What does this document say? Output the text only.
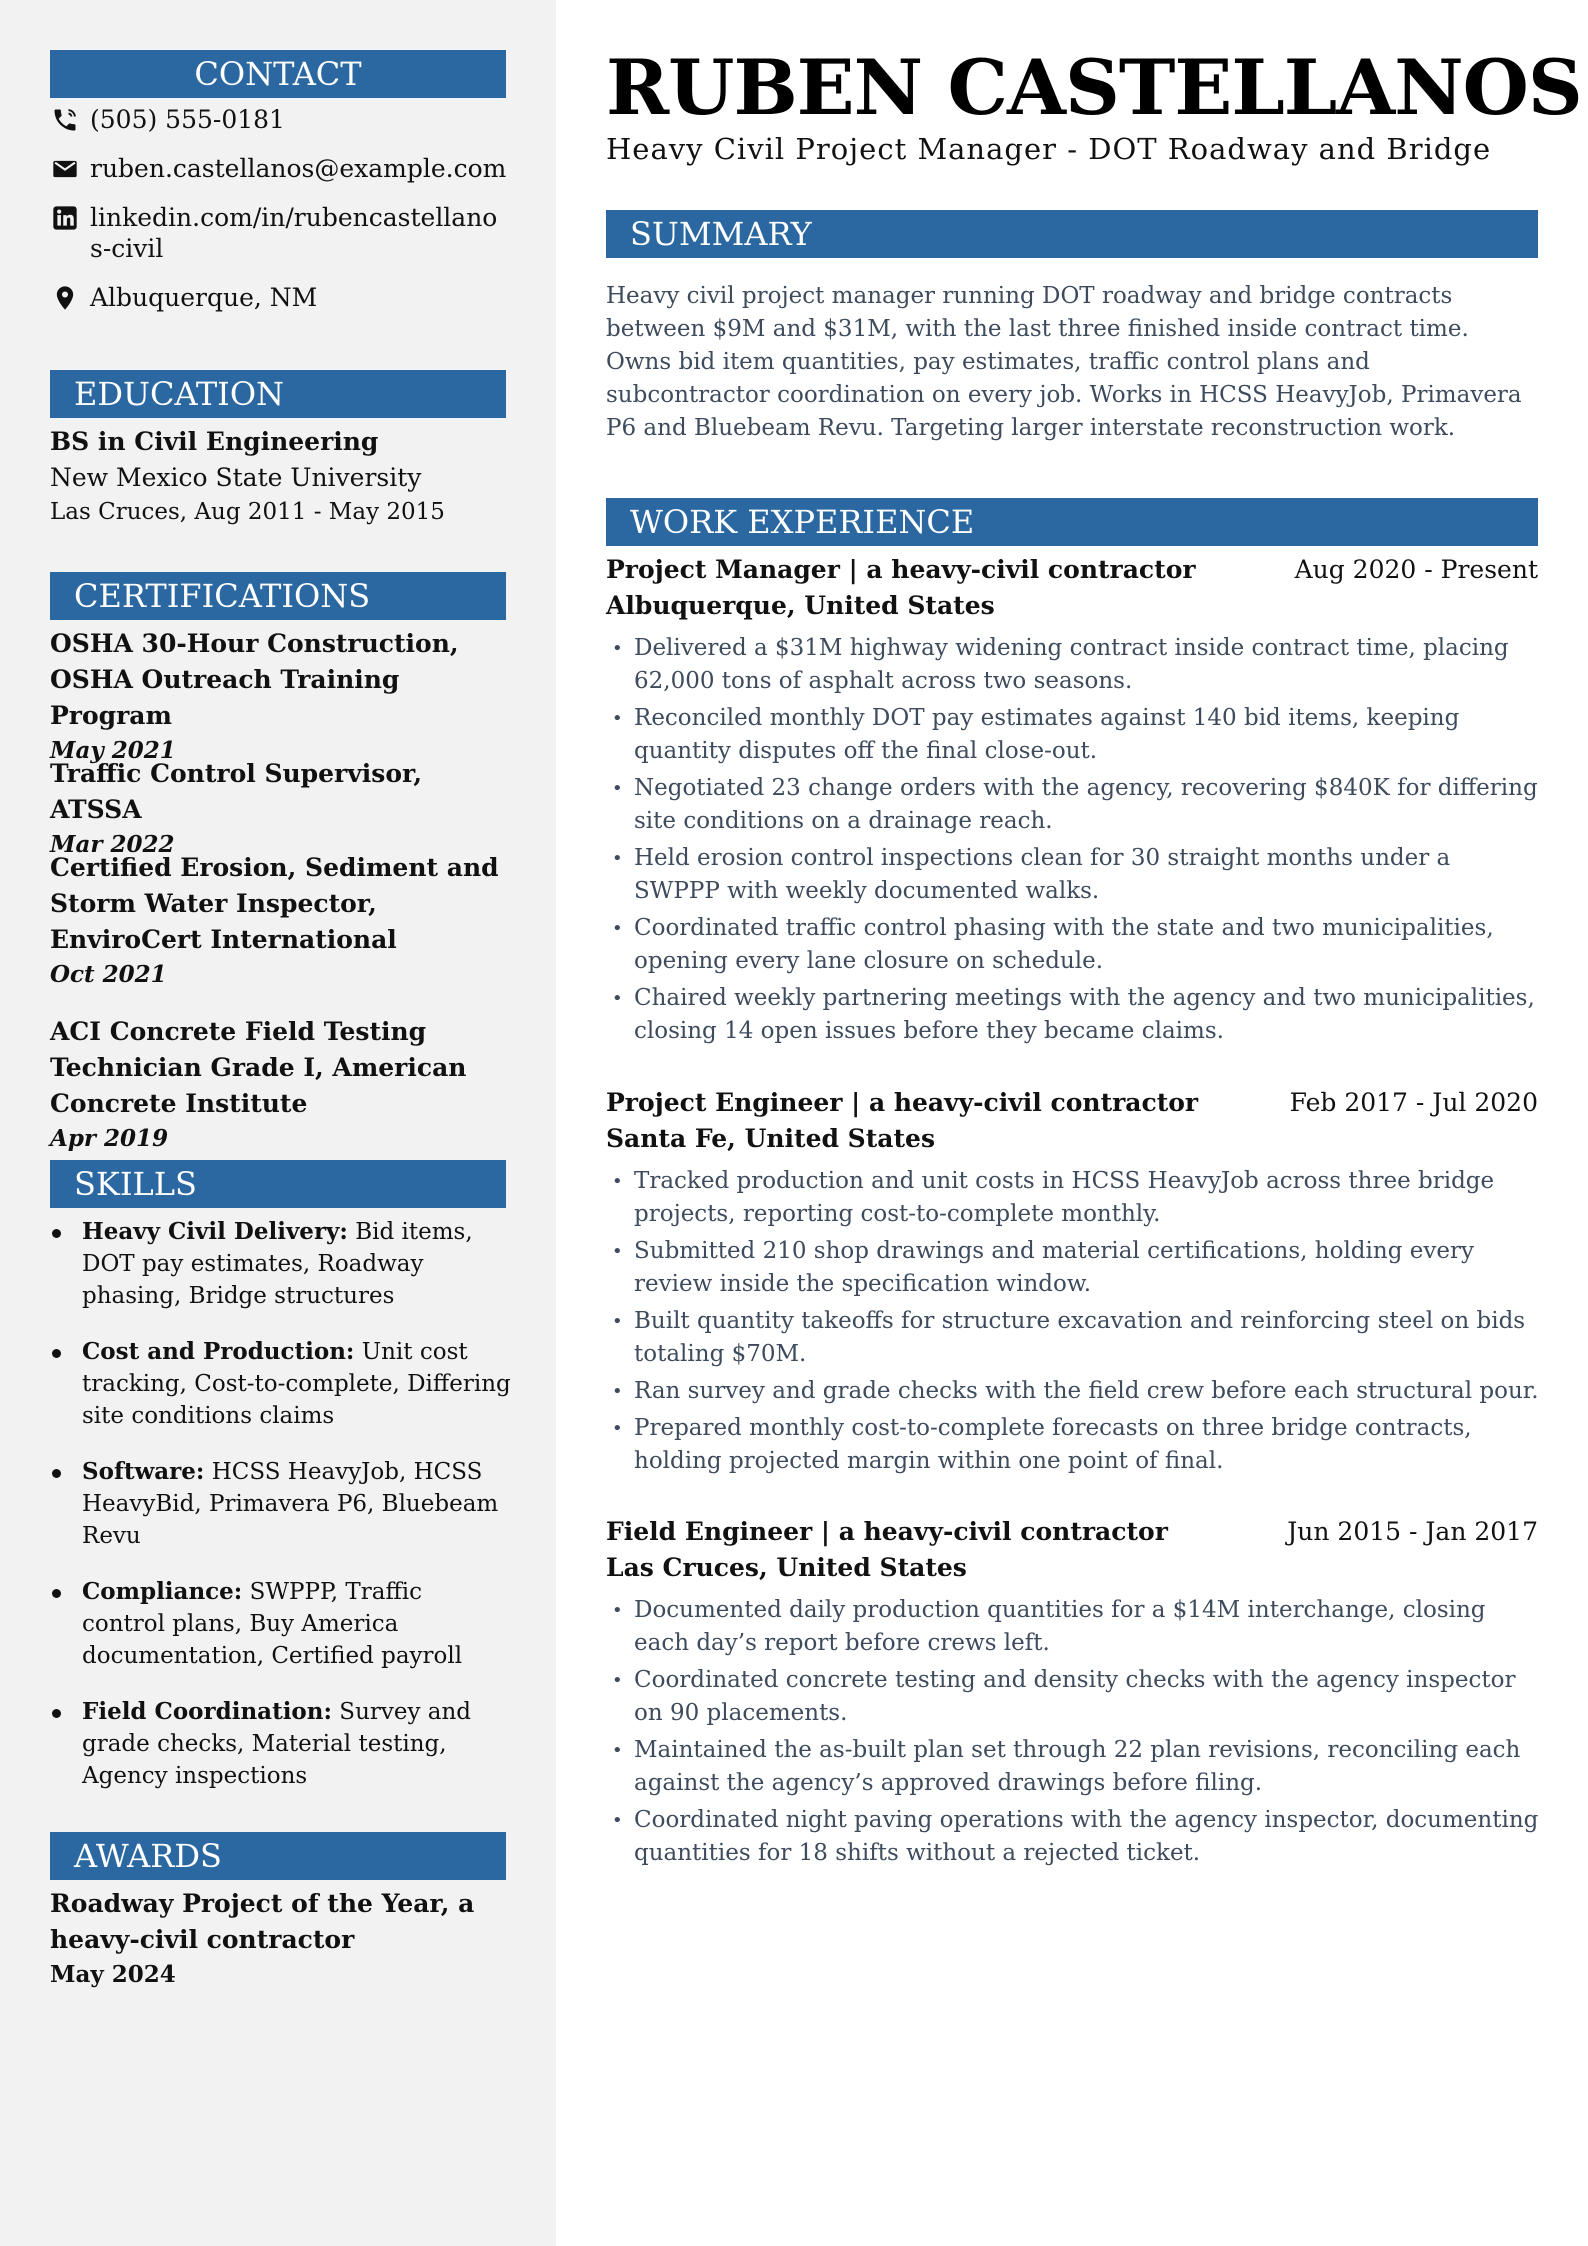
CONTACT
(505) 555-0181
ruben.castellanos@example.com
linkedin.com/in/rubencastellanos-civil
Albuquerque, NM
EDUCATION
BS in Civil Engineering
New Mexico State University
Las Cruces, Aug 2011 - May 2015
CERTIFICATIONS
OSHA 30-Hour Construction, OSHA Outreach Training Program
May 2021
Traffic Control Supervisor, ATSSA
Mar 2022
Certified Erosion, Sediment and Storm Water Inspector, EnviroCert International
Oct 2021
ACI Concrete Field Testing Technician Grade I, American Concrete Institute
Apr 2019
SKILLS
Heavy Civil Delivery: Bid items, DOT pay estimates, Roadway phasing, Bridge structures
Cost and Production: Unit cost tracking, Cost-to-complete, Differing site conditions claims
Software: HCSS HeavyJob, HCSS HeavyBid, Primavera P6, Bluebeam Revu
Compliance: SWPPP, Traffic control plans, Buy America documentation, Certified payroll
Field Coordination: Survey and grade checks, Material testing, Agency inspections
AWARDS
Roadway Project of the Year, a heavy-civil contractor
May 2024
RUBEN CASTELLANOS
Heavy Civil Project Manager - DOT Roadway and Bridge
SUMMARY
Heavy civil project manager running DOT roadway and bridge contracts between $9M and $31M, with the last three finished inside contract time. Owns bid item quantities, pay estimates, traffic control plans and subcontractor coordination on every job. Works in HCSS HeavyJob, Primavera P6 and Bluebeam Revu. Targeting larger interstate reconstruction work.
WORK EXPERIENCE
Project Manager | a heavy-civil contractor	Aug 2020 - Present
Albuquerque, United States
• Delivered a $31M highway widening contract inside contract time, placing 62,000 tons of asphalt across two seasons.
• Reconciled monthly DOT pay estimates against 140 bid items, keeping quantity disputes off the final close-out.
• Negotiated 23 change orders with the agency, recovering $840K for differing site conditions on a drainage reach.
• Held erosion control inspections clean for 30 straight months under a SWPPP with weekly documented walks.
• Coordinated traffic control phasing with the state and two municipalities, opening every lane closure on schedule.
• Chaired weekly partnering meetings with the agency and two municipalities, closing 14 open issues before they became claims.
Project Engineer | a heavy-civil contractor	Feb 2017 - Jul 2020
Santa Fe, United States
• Tracked production and unit costs in HCSS HeavyJob across three bridge projects, reporting cost-to-complete monthly.
• Submitted 210 shop drawings and material certifications, holding every review inside the specification window.
• Built quantity takeoffs for structure excavation and reinforcing steel on bids totaling $70M.
• Ran survey and grade checks with the field crew before each structural pour.
• Prepared monthly cost-to-complete forecasts on three bridge contracts, holding projected margin within one point of final.
Field Engineer | a heavy-civil contractor	Jun 2015 - Jan 2017
Las Cruces, United States
• Documented daily production quantities for a $14M interchange, closing each day’s report before crews left.
• Coordinated concrete testing and density checks with the agency inspector on 90 placements.
• Maintained the as-built plan set through 22 plan revisions, reconciling each against the agency’s approved drawings before filing.
• Coordinated night paving operations with the agency inspector, documenting quantities for 18 shifts without a rejected ticket.
